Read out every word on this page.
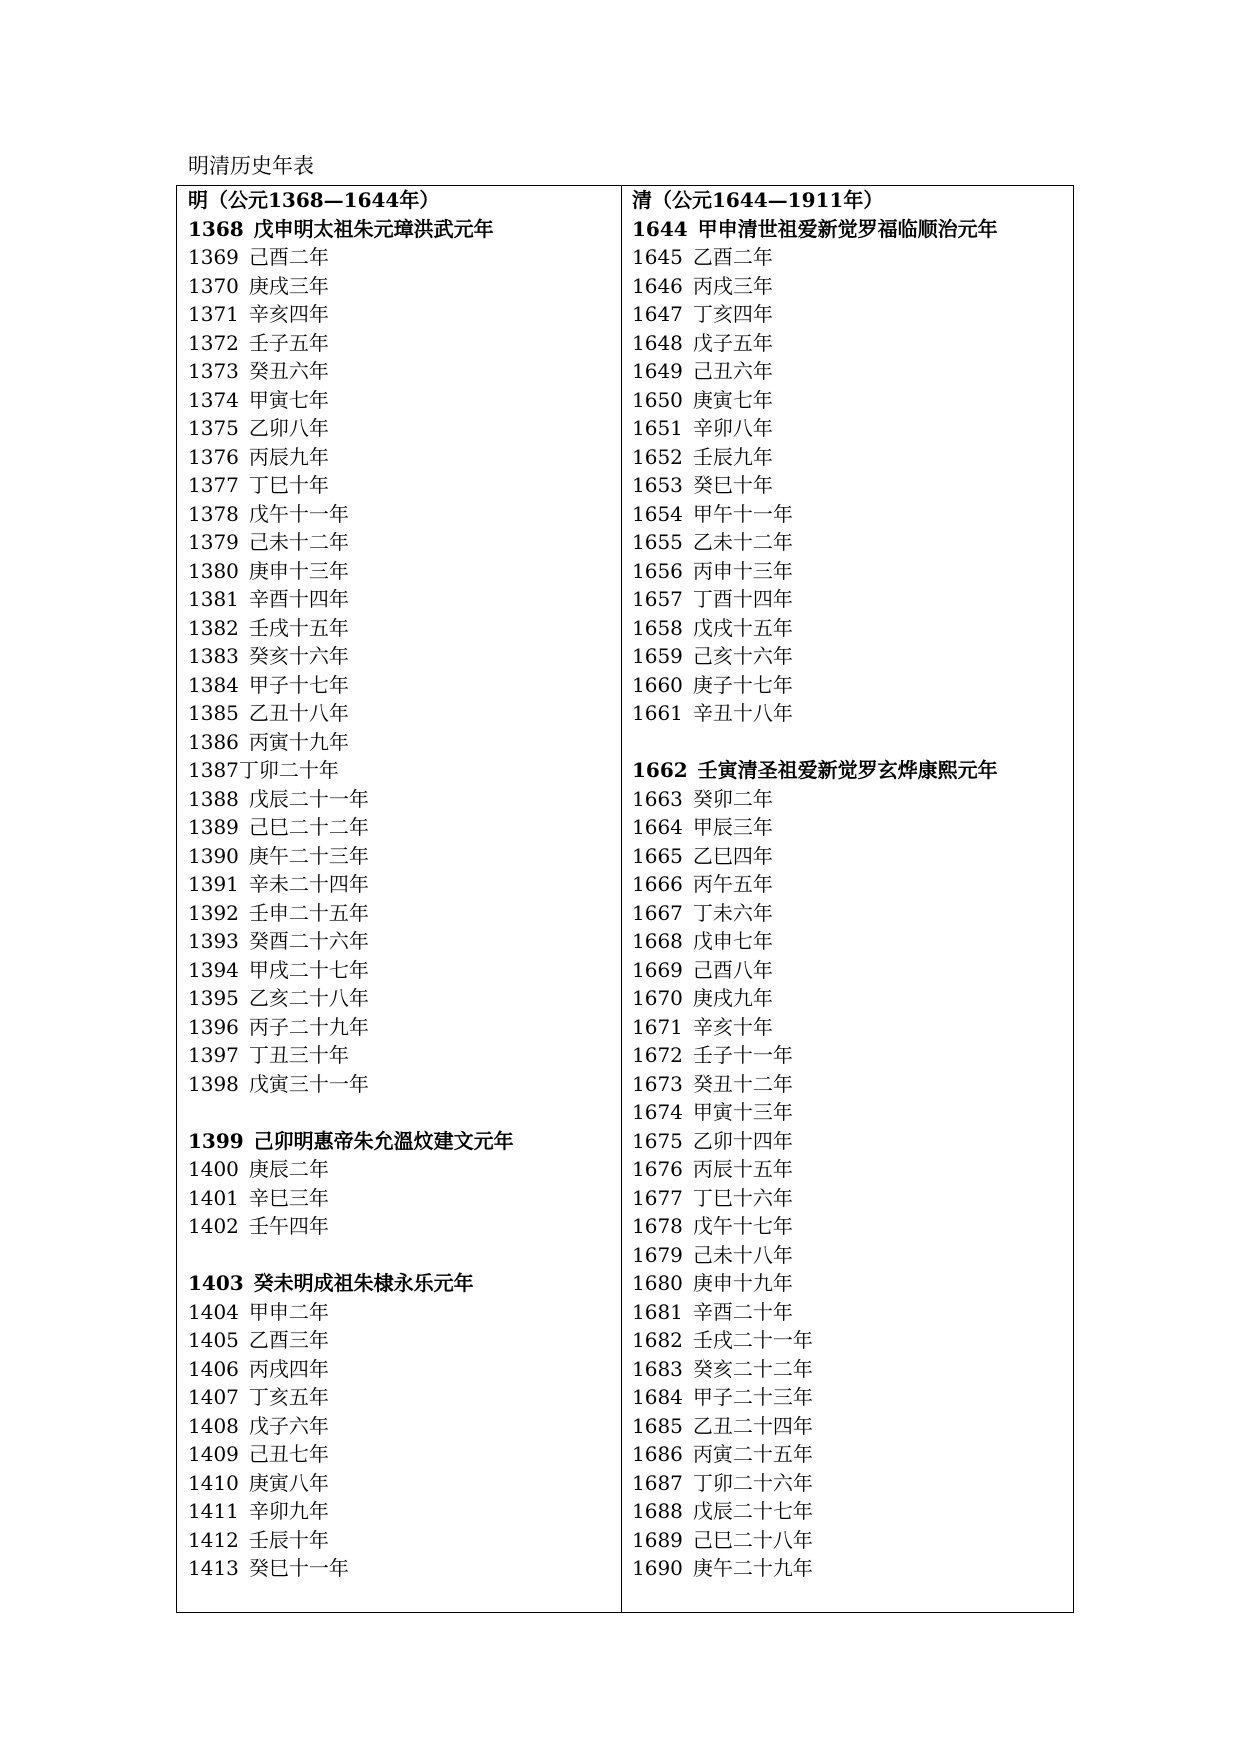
明清历史年表
明（公元1368—1644年）
1368 戊申明太祖朱元璋洪武元年
1369 己酉二年
1370 庚戌三年
1371 辛亥四年
1372 壬子五年
1373 癸丑六年
1374 甲寅七年
1375 乙卯八年
1376 丙辰九年
1377 丁巳十年
1378 戊午十一年
1379 己未十二年
1380 庚申十三年
1381 辛酉十四年
1382 壬戌十五年
1383 癸亥十六年
1384 甲子十七年
1385 乙丑十八年
1386 丙寅十九年
1387丁卯二十年
1388 戊辰二十一年
1389 己巳二十二年
1390 庚午二十三年
1391 辛未二十四年
1392 壬申二十五年
1393 癸酉二十六年
1394 甲戌二十七年
1395 乙亥二十八年
1396 丙子二十九年
1397 丁丑三十年
1398 戊寅三十一年
1399 己卯明惠帝朱允溫炆建文元年
1400 庚辰二年
1401 辛巳三年
1402 壬午四年
1403 癸未明成祖朱棣永乐元年
1404 甲申二年
1405 乙酉三年
1406 丙戌四年
1407 丁亥五年
1408 戊子六年
1409 己丑七年
1410 庚寅八年
1411 辛卯九年
1412 壬辰十年
1413 癸巳十一年
清（公元1644—1911年）
1644 甲申清世祖爱新觉罗福临顺治元年
1645 乙酉二年
1646 丙戌三年
1647 丁亥四年
1648 戊子五年
1649 己丑六年
1650 庚寅七年
1651 辛卯八年
1652 壬辰九年
1653 癸巳十年
1654 甲午十一年
1655 乙未十二年
1656 丙申十三年
1657 丁酉十四年
1658 戊戌十五年
1659 己亥十六年
1660 庚子十七年
1661 辛丑十八年
1662 壬寅清圣祖爱新觉罗玄烨康熙元年
1663 癸卯二年
1664 甲辰三年
1665 乙巳四年
1666 丙午五年
1667 丁未六年
1668 戊申七年
1669 己酉八年
1670 庚戌九年
1671 辛亥十年
1672 壬子十一年
1673 癸丑十二年
1674 甲寅十三年
1675 乙卯十四年
1676 丙辰十五年
1677 丁巳十六年
1678 戊午十七年
1679 己未十八年
1680 庚申十九年
1681 辛酉二十年
1682 壬戌二十一年
1683 癸亥二十二年
1684 甲子二十三年
1685 乙丑二十四年
1686 丙寅二十五年
1687 丁卯二十六年
1688 戊辰二十七年
1689 己巳二十八年
1690 庚午二十九年
